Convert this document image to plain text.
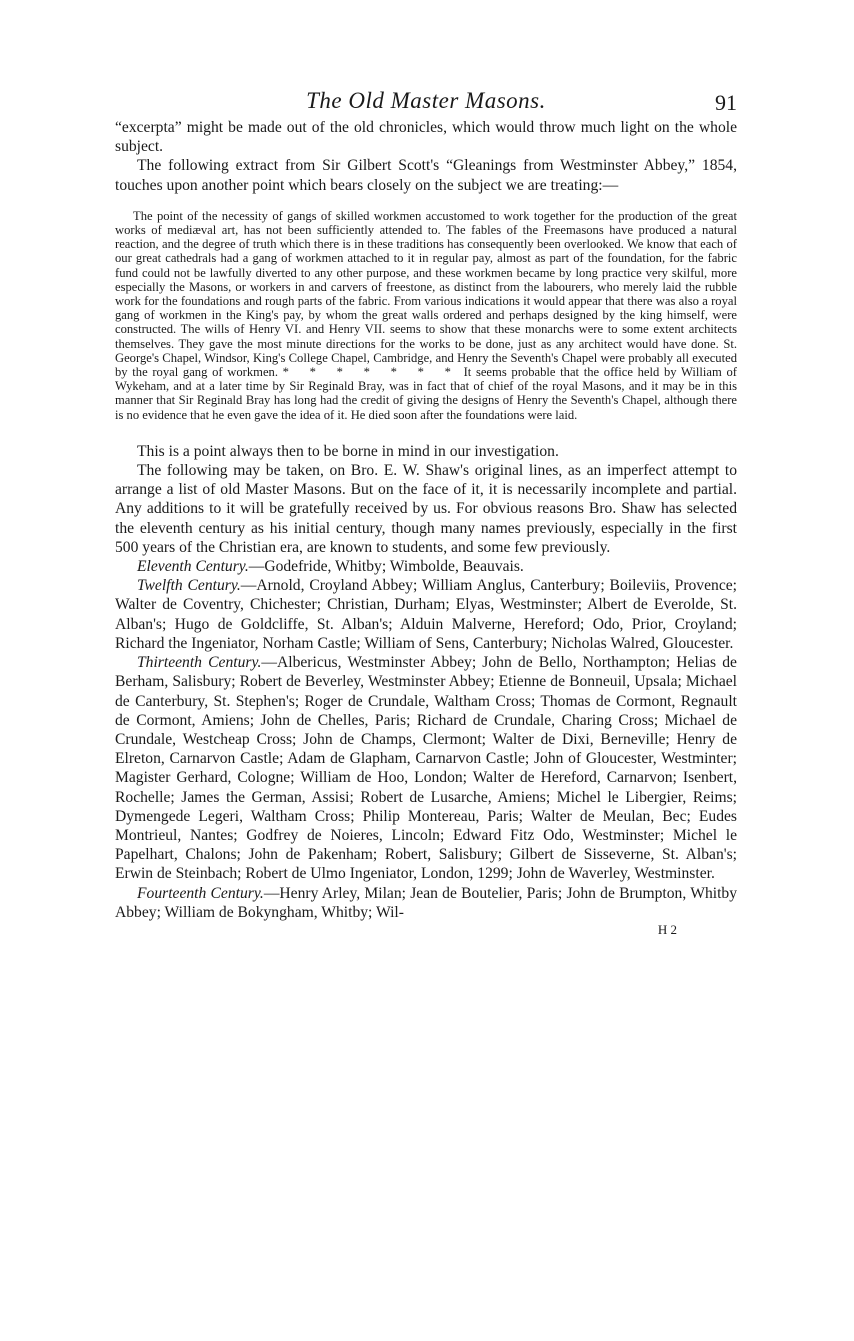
The Old Master Masons.	91

“excerpta” might be made out of the old chronicles, which would throw much light on the whole subject.

The following extract from Sir Gilbert Scott's “Gleanings from Westminster Abbey,” 1854, touches upon another point which bears closely on the subject we are treating:—

The point of the necessity of gangs of skilled workmen accustomed to work together for the production of the great works of mediæval art, has not been sufficiently attended to. The fables of the Freemasons have produced a natural reaction, and the degree of truth which there is in these traditions has consequently been overlooked. We know that each of our great cathedrals had a gang of workmen attached to it in regular pay, almost as part of the foundation, for the fabric fund could not be lawfully diverted to any other purpose, and these workmen became by long practice very skilful, more especially the Masons, or workers in and carvers of freestone, as distinct from the labourers, who merely laid the rubble work for the foundations and rough parts of the fabric. From various indications it would appear that there was also a royal gang of workmen in the King's pay, by whom the great walls ordered and perhaps designed by the king himself, were constructed. The wills of Henry VI. and Henry VII. seems to show that these monarchs were to some extent architects themselves. They gave the most minute directions for the works to be done, just as any architect would have done. St. George's Chapel, Windsor, King's College Chapel, Cambridge, and Henry the Seventh's Chapel were probably all executed by the royal gang of workmen. * * * * * * * It seems probable that the office held by William of Wykeham, and at a later time by Sir Reginald Bray, was in fact that of chief of the royal Masons, and it may be in this manner that Sir Reginald Bray has long had the credit of giving the designs of Henry the Seventh's Chapel, although there is no evidence that he even gave the idea of it. He died soon after the foundations were laid.

This is a point always then to be borne in mind in our investigation.

The following may be taken, on Bro. E. W. Shaw's original lines, as an imperfect attempt to arrange a list of old Master Masons. But on the face of it, it is necessarily incomplete and partial. Any additions to it will be gratefully received by us. For obvious reasons Bro. Shaw has selected the eleventh century as his initial century, though many names previously, especially in the first 500 years of the Christian era, are known to students, and some few previously.

Eleventh Century.—Godefride, Whitby; Wimbolde, Beauvais.

Twelfth Century.—Arnold, Croyland Abbey; William Anglus, Canterbury; Boileviis, Provence; Walter de Coventry, Chichester; Christian, Durham; Elyas, Westminster; Albert de Everolde, St. Alban's; Hugo de Goldcliffe, St. Alban's; Alduin Malverne, Hereford; Odo, Prior, Croyland; Richard the Ingeniator, Norham Castle; William of Sens, Canterbury; Nicholas Walred, Gloucester.

Thirteenth Century.—Albericus, Westminster Abbey; John de Bello, Northampton; Helias de Berham, Salisbury; Robert de Beverley, Westminster Abbey; Etienne de Bonneuil, Upsala; Michael de Canterbury, St. Stephen's; Roger de Crundale, Waltham Cross; Thomas de Cormont, Regnault de Cormont, Amiens; John de Chelles, Paris; Richard de Crundale, Charing Cross; Michael de Crundale, Westcheap Cross; John de Champs, Clermont; Walter de Dixi, Berneville; Henry de Elreton, Carnarvon Castle; Adam de Glapham, Carnarvon Castle; John of Gloucester, Westminter; Magister Gerhard, Cologne; William de Hoo, London; Walter de Hereford, Carnarvon; Isenbert, Rochelle; James the German, Assisi; Robert de Lusarche, Amiens; Michel le Libergier, Reims; Dymengede Legeri, Waltham Cross; Philip Montereau, Paris; Walter de Meulan, Bec; Eudes Montrieul, Nantes; Godfrey de Noieres, Lincoln; Edward Fitz Odo, Westminster; Michel le Papelhart, Chalons; John de Pakenham; Robert, Salisbury; Gilbert de Sisseverne, St. Alban's; Erwin de Steinbach; Robert de Ulmo Ingeniator, London, 1299; John de Waverley, Westminster.

Fourteenth Century.—Henry Arley, Milan; Jean de Boutelier, Paris; John de Brumpton, Whitby Abbey; William de Bokyngham, Whitby; Wil-

H 2
